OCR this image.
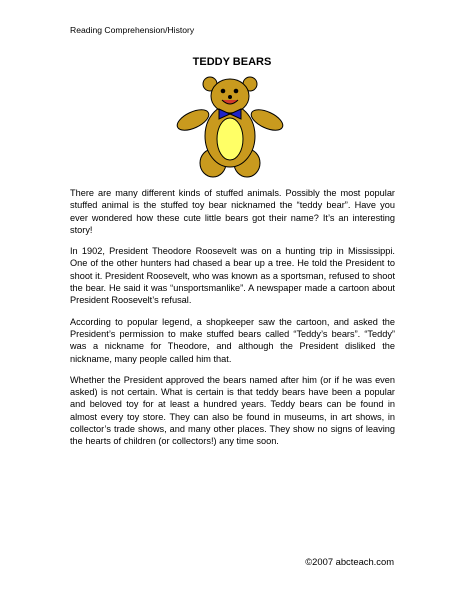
Reading Comprehension/History
TEDDY BEARS

There are many different kinds of stuffed animals. Possibly the most popular stuffed animal is the stuffed toy bear nicknamed the “teddy bear”. Have you ever wondered how these cute little bears got their name? It’s an interesting story!

In 1902, President Theodore Roosevelt was on a hunting trip in Mississippi. One of the other hunters had chased a bear up a tree. He told the President to shoot it. President Roosevelt, who was known as a sportsman, refused to shoot the bear. He said it was “unsportsmanlike”. A newspaper made a cartoon about President Roosevelt’s refusal.

According to popular legend, a shopkeeper saw the cartoon, and asked the President’s permission to make stuffed bears called “Teddy’s bears”. “Teddy” was a nickname for Theodore, and although the President disliked the nickname, many people called him that.

Whether the President approved the bears named after him (or if he was even asked) is not certain. What is certain is that teddy bears have been a popular and beloved toy for at least a hundred years. Teddy bears can be found in almost every toy store. They can also be found in museums, in art shows, in collector’s trade shows, and many other places. They show no signs of leaving the hearts of children (or collectors!) any time soon.

©2007 abcteach.com
